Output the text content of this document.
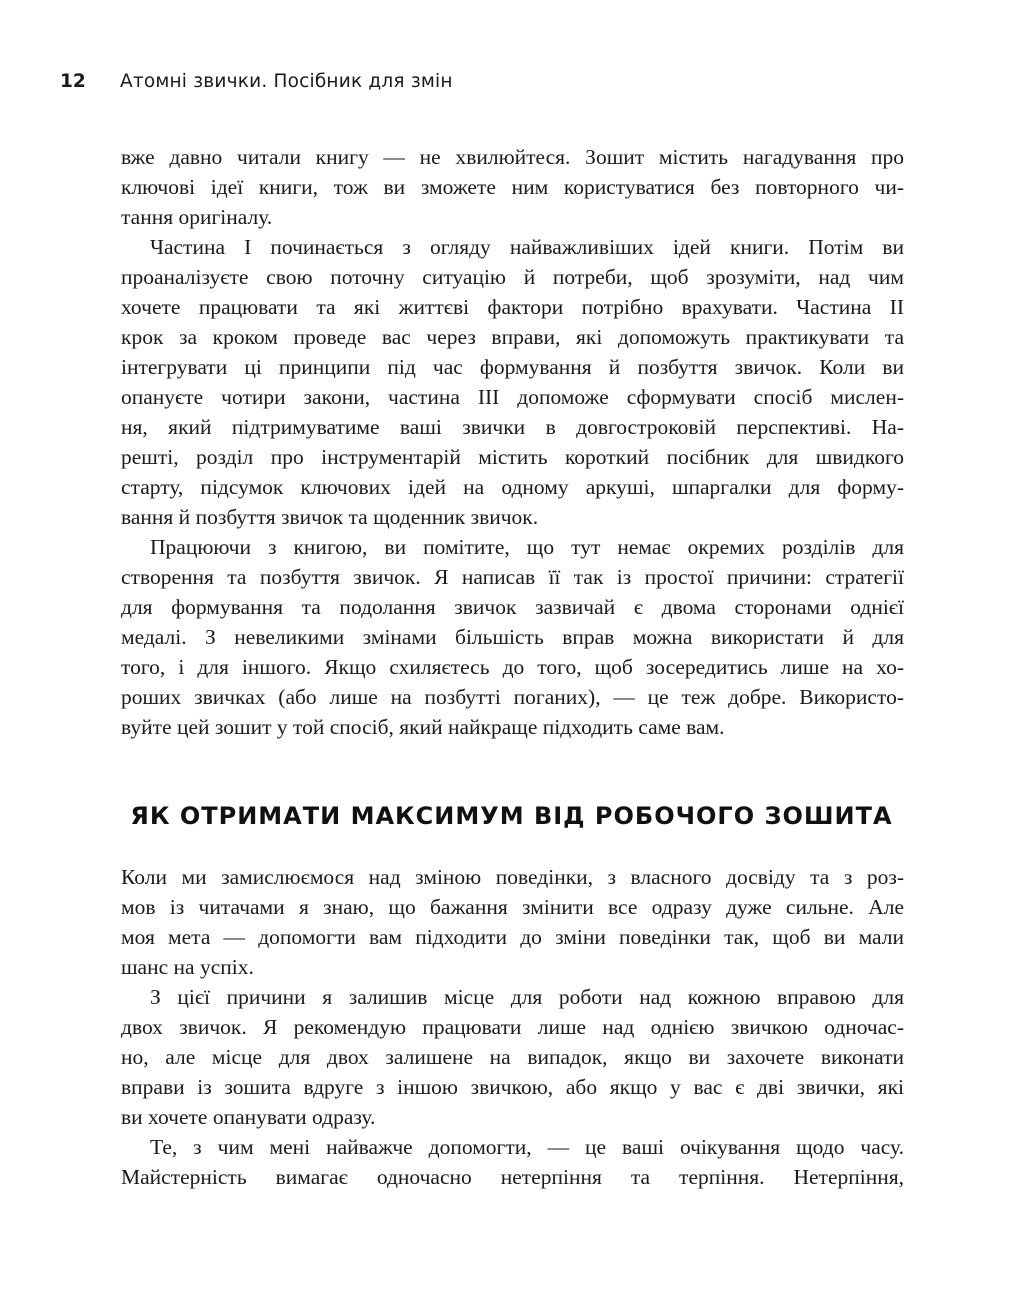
12	Атомні звички. Посібник для змін
вже давно читали книгу — не хвилюйтеся. Зошит містить нагадування про
ключові ідеї книги, тож ви зможете ним користуватися без повторного чи-
тання оригіналу.
Частина І починається з огляду найважливіших ідей книги. Потім ви
проаналізуєте свою поточну ситуацію й потреби, щоб зрозуміти, над чим
хочете працювати та які життєві фактори потрібно врахувати. Частина ІІ
крок за кроком проведе вас через вправи, які допоможуть практикувати та
інтегрувати ці принципи під час формування й позбуття звичок. Коли ви
опануєте чотири закони, частина ІІІ допоможе сформувати спосіб мислен-
ня, який підтримуватиме ваші звички в довгостроковій перспективі. На-
решті, розділ про інструментарій містить короткий посібник для швидкого
старту, підсумок ключових ідей на одному аркуші, шпаргалки для форму-
вання й позбуття звичок та щоденник звичок.
Працюючи з книгою, ви помітите, що тут немає окремих розділів для
створення та позбуття звичок. Я написав її так із простої причини: стратегії
для формування та подолання звичок зазвичай є двома сторонами однієї
медалі. З невеликими змінами більшість вправ можна використати й для
того, і для іншого. Якщо схиляєтесь до того, щоб зосередитись лише на хо-
роших звичках (або лише на позбутті поганих), — це теж добре. Використо-
вуйте цей зошит у той спосіб, який найкраще підходить саме вам.
ЯК ОТРИМАТИ МАКСИМУМ ВІД РОБОЧОГО ЗОШИТА
Коли ми замислюємося над зміною поведінки, з власного досвіду та з роз-
мов із читачами я знаю, що бажання змінити все одразу дуже сильне. Але
моя мета — допомогти вам підходити до зміни поведінки так, щоб ви мали
шанс на успіх.
З цієї причини я залишив місце для роботи над кожною вправою для
двох звичок. Я рекомендую працювати лише над однією звичкою одночас-
но, але місце для двох залишене на випадок, якщо ви захочете виконати
вправи із зошита вдруге з іншою звичкою, або якщо у вас є дві звички, які
ви хочете опанувати одразу.
Те, з чим мені найважче допомогти, — це ваші очікування щодо часу.
Майстерність вимагає одночасно нетерпіння та терпіння. Нетерпіння,
